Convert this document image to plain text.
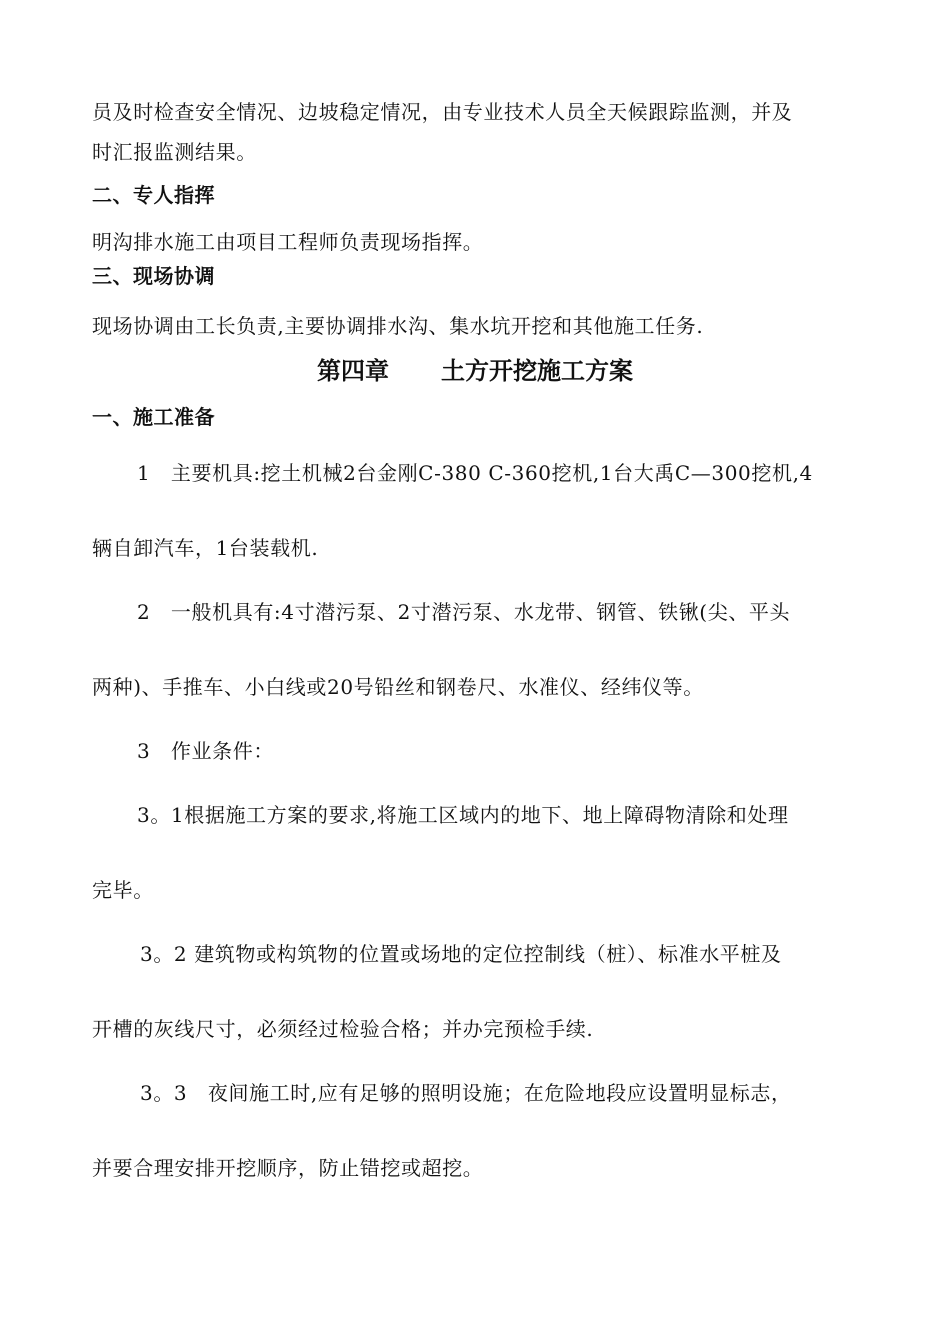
员及时检查安全情况、边坡稳定情况，由专业技术人员全天候跟踪监测，并及
时汇报监测结果。
二、专人指挥
明沟排水施工由项目工程师负责现场指挥。
三、现场协调
现场协调由工长负责,主要协调排水沟、集水坑开挖和其他施工任务.
第四章 土方开挖施工方案
一、施工准备
1　主要机具:挖土机械2台金刚C-380 C-360挖机,1台大禹C—300挖机,4
辆自卸汽车，1台装载机.
2　一般机具有:4寸潜污泵、2寸潜污泵、水龙带、钢管、铁锹(尖、平头
两种)、手推车、小白线或20号铅丝和钢卷尺、水准仪、经纬仪等。
3　作业条件：
3。1根据施工方案的要求,将施工区域内的地下、地上障碍物清除和处理
完毕。
3。2 建筑物或构筑物的位置或场地的定位控制线（桩）、标准水平桩及
开槽的灰线尺寸，必须经过检验合格；并办完预检手续.
3。3　夜间施工时,应有足够的照明设施；在危险地段应设置明显标志，
并要合理安排开挖顺序，防止错挖或超挖。
